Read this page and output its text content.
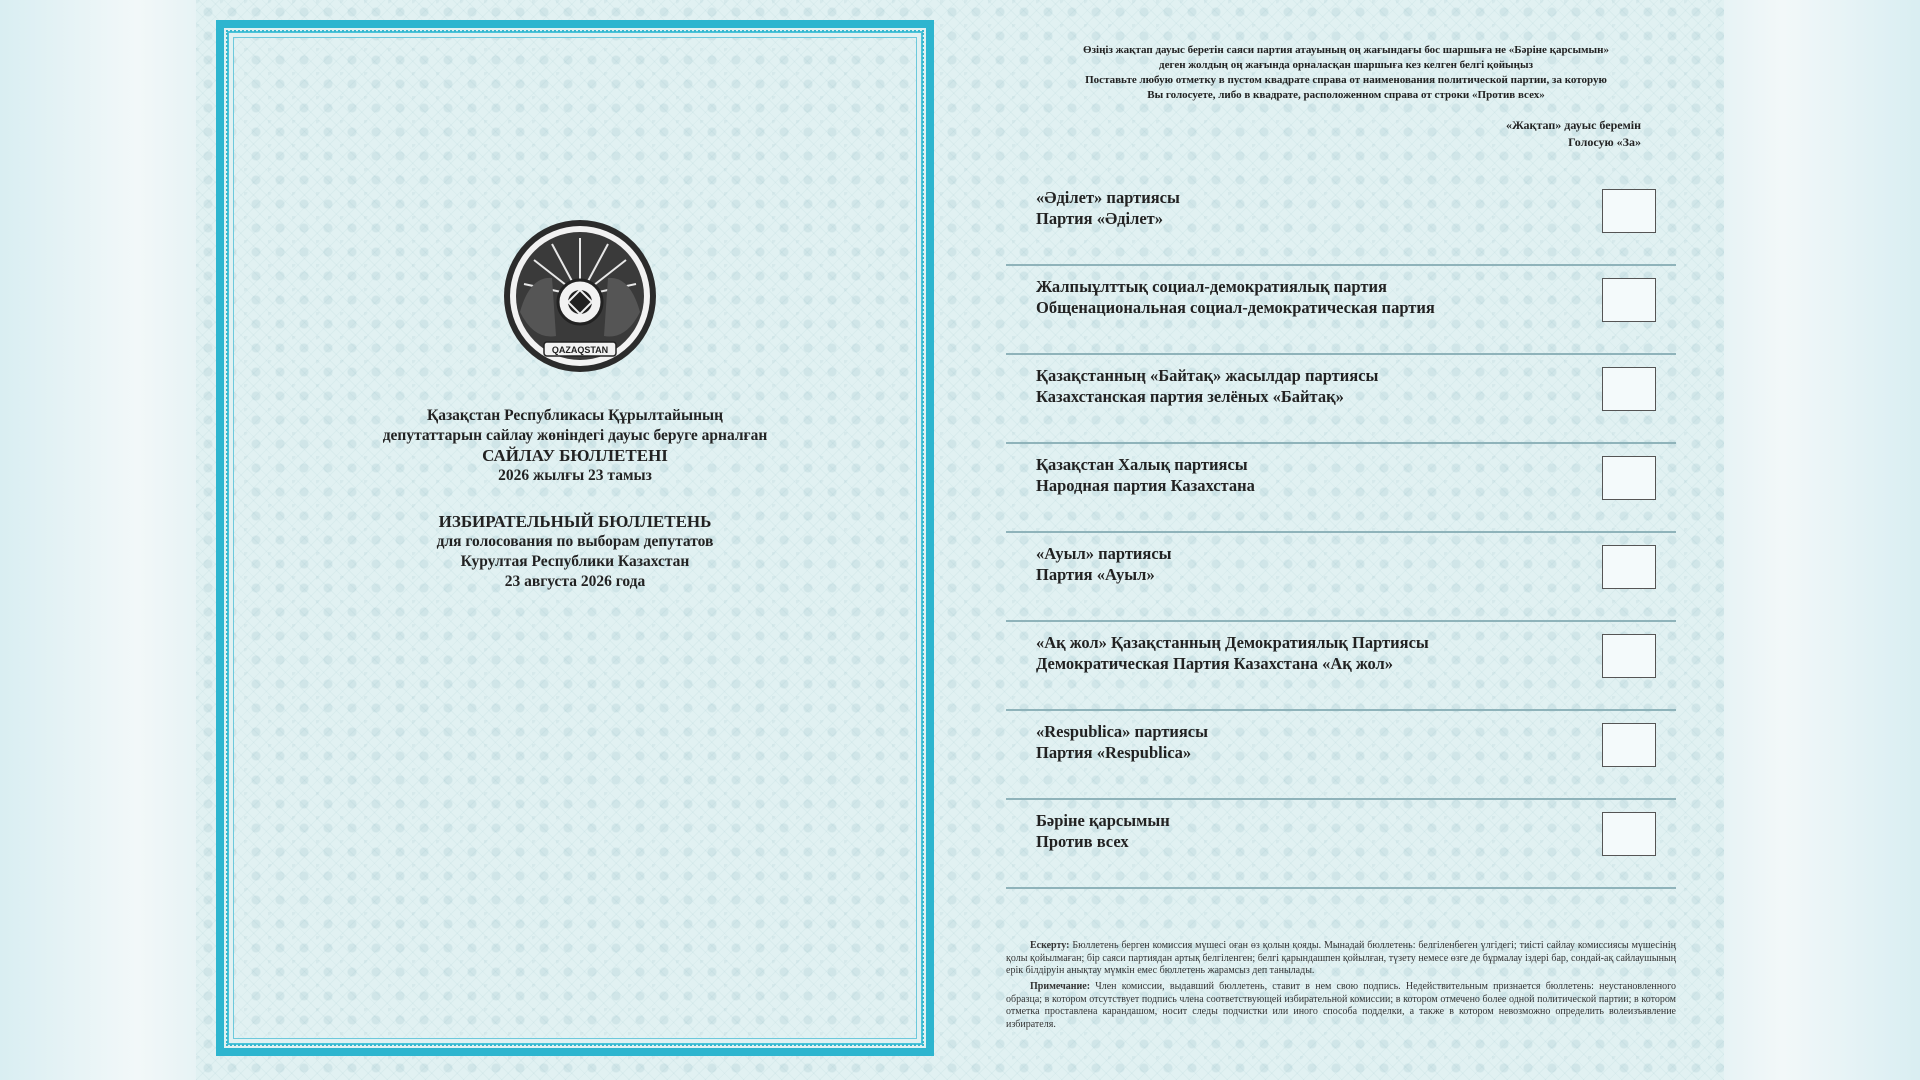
QAZAQSTAN
Қазақстан Республикасы Құрылтайының
депутаттарын сайлау жөніндегі дауыс беруге арналған
САЙЛАУ БЮЛЛЕТЕНІ
2026 жылғы 23 тамыз
ИЗБИРАТЕЛЬНЫЙ БЮЛЛЕТЕНЬ
для голосования по выборам депутатов
Курултая Республики Казахстан
23 августа 2026 года
Өзіңіз жақтап дауыс беретін саяси партия атауының оң жағындағы бос шаршыға не «Бәріне қарсымын»
деген жолдың оң жағында орналасқан шаршыға кез келген белгі қойыңыз
Поставьте любую отметку в пустом квадрате справа от наименования политической партии, за которую
Вы голосуете, либо в квадрате, расположенном справа от строки «Против всех»
«Жақтап» дауыс беремін
Голосую «За»
«Әділет» партиясы
Партия «Әділет»
Жалпыұлттық социал-демократиялық партия
Общенациональная социал-демократическая партия
Қазақстанның «Байтақ» жасылдар партиясы
Казахстанская партия зелёных «Байтақ»
Қазақстан Халық партиясы
Народная партия Казахстана
«Ауыл» партиясы
Партия «Ауыл»
«Ақ жол» Қазақстанның Демократиялық Партиясы
Демократическая Партия Казахстана «Ақ жол»
«Respublica» партиясы
Партия «Respublica»
Бәріне қарсымын
Против всех
Ескерту: Бюллетень берген комиссия мүшесі оған өз қолын қояды. Мынадай бюллетень: белгіленбеген үлгідегі; тиісті сайлау комиссиясы мүшесінің қолы қойылмаған; бір саяси партиядан артық белгіленген; белгі қарындашпен қойылған, түзету немесе өзге де бұрмалау іздері бар, сондай-ақ сайлаушының ерік білдіруін анықтау мүмкін емес бюллетень жарамсыз деп танылады.
Примечание: Член комиссии, выдавший бюллетень, ставит в нем свою подпись. Недействительным признается бюллетень: неустановленного образца; в котором отсутствует подпись члена соответствующей избирательной комиссии; в котором отмечено более одной политической партии; в котором отметка проставлена карандашом, носит следы подчистки или иного способа подделки, а также в котором невозможно определить волеизъявление избирателя.
